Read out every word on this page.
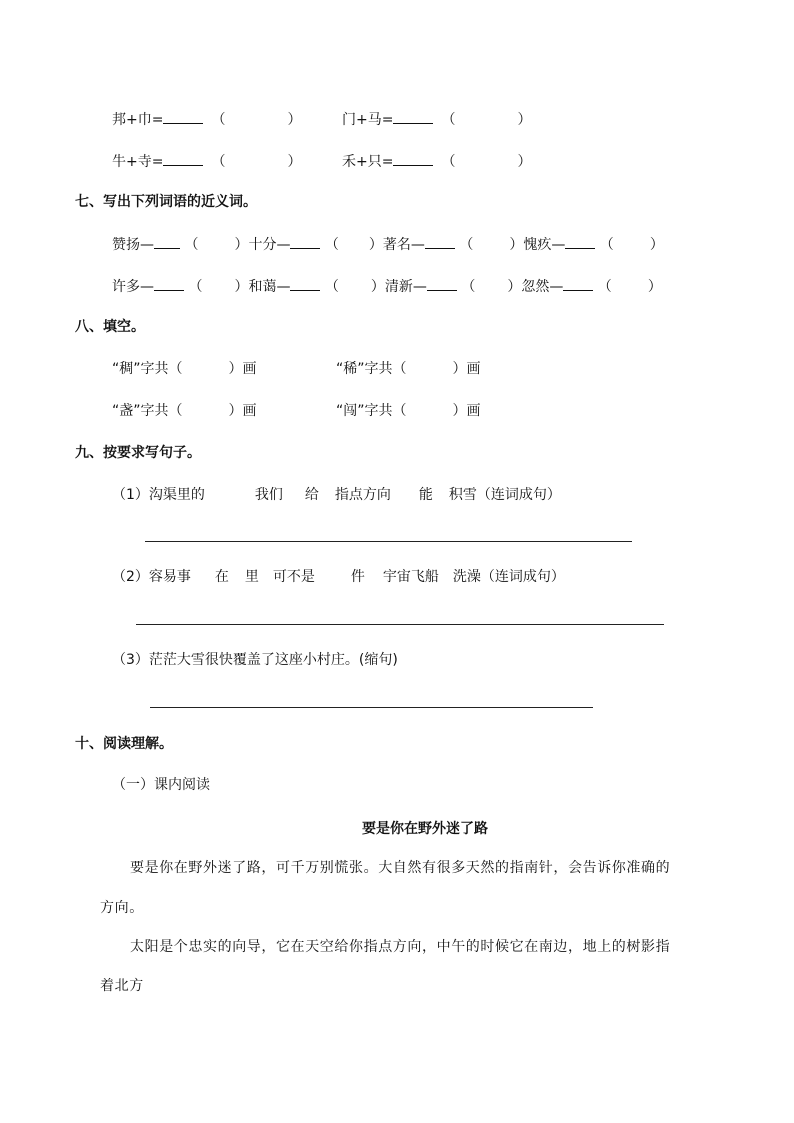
邦+巾=	（	）	门+马=	（	）
牛+寺=	（	）	禾+只=	（	）
七、写出下列词语的近义词。
赞扬— （	）十分— （ ）著名— （	）愧疚— （	）
许多— （ ）和蔼— （ ）清新— （ ）忽然— （	）
八、填空。
“稠”字共（	）画	“稀”字共（	）画
“盏”字共（	）画	“闯”字共（	）画
九、按要求写句子。
（1）沟渠里的	我们 给 指点方向 能 积雪（连词成句）
（2）容易事 在 里 可不是	件 宇宙飞船 洗澡（连词成句）
（3）茫茫大雪很快覆盖了这座小村庄。(缩句)
十、阅读理解。
（一）课内阅读
要是你在野外迷了路
要是你在野外迷了路，可千万别慌张。大自然有很多天然的指南针，会告诉你准确的
方向。
太阳是个忠实的向导，它在天空给你指点方向，中午的时候它在南边，地上的树影指
着北方
